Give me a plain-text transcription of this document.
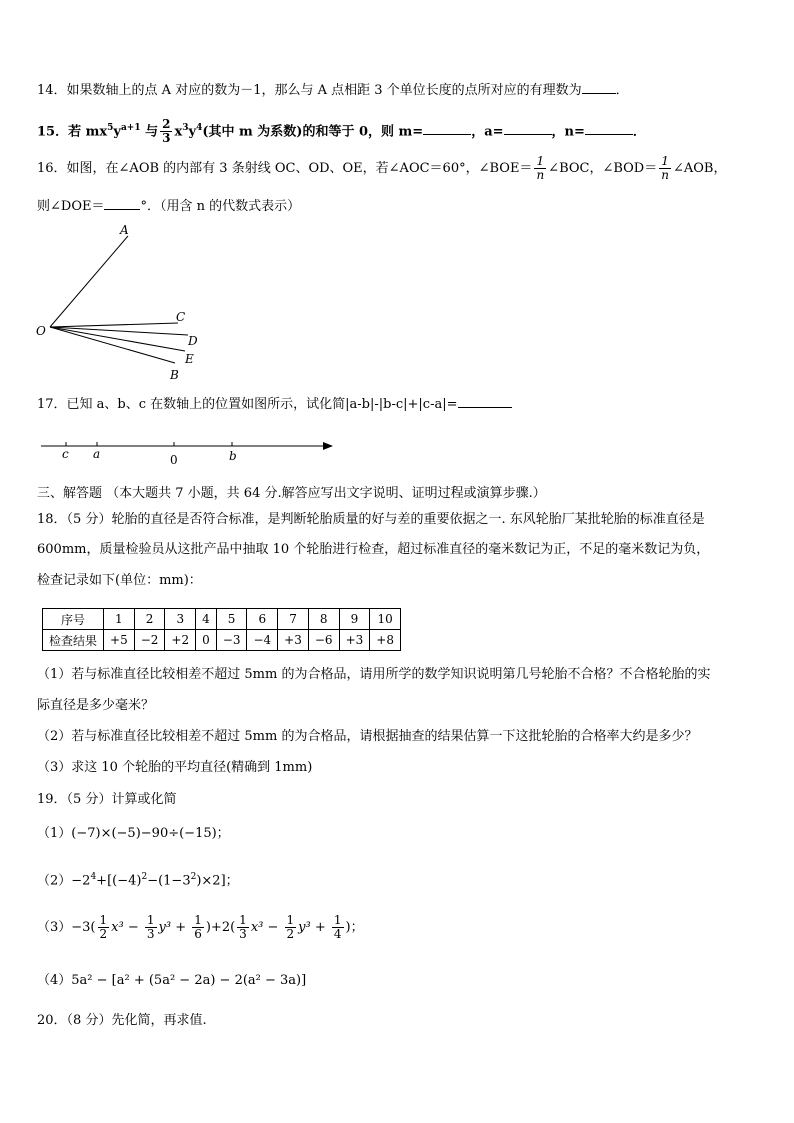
14．如果数轴上的点 A 对应的数为－1，那么与 A 点相距 3 个单位长度的点所对应的有理数为	．
15．若 $mx^5y^{a+1}$ 与 $\frac{2}{3} x^3y^4$(其中 m 为系数)的和等于 0，则 m=	，a=	，n=	．
16．如图，在∠AOB 的内部有 3 条射线 OC、OD、OE，若∠AOC＝60°，∠BOE＝ $\frac{1}{n}$ ∠BOC，∠BOD＝ $\frac{1}{n}$ ∠AOB，
则∠DOE＝	°．（用含 n 的代数式表示）
A
O
C
D
E
B
17．已知 a、b、c 在数轴上的位置如图所示，试化简|a-b|-|b-c|+|c-a|=
c a	0	b
三、解答题 （本大题共 7 小题，共 64 分.解答应写出文字说明、证明过程或演算步骤.）
18．（5 分）轮胎的直径是否符合标准，是判断轮胎质量的好与差的重要依据之一. 东风轮胎厂某批轮胎的标准直径是
600mm，质量检验员从这批产品中抽取 10 个轮胎进行检查，超过标准直径的毫米数记为正，不足的毫米数记为负，
检查记录如下(单位：mm)：
序号	1	2	3	4	5	6	7	8	9	10
检查结果	+5	−2	+2	0	−3	−4	+3	−6	+3	+8
（1）若与标准直径比较相差不超过 5mm 的为合格品，请用所学的数学知识说明第几号轮胎不合格？不合格轮胎的实
际直径是多少毫米？
（2）若与标准直径比较相差不超过 5mm 的为合格品，请根据抽查的结果估算一下这批轮胎的合格率大约是多少？
（3）求这 10 个轮胎的平均直径(精确到 1mm)
19．（5 分）计算或化简
（1）(−7)×(−5)−90÷(−15)；
$(2)-2^4+[(-4)^2-(1-3^2)\times 2]$；
$(3)-3( \frac{1}{2} x^3 - \frac{1}{3} y^3 + \frac{1}{6} )+2( \frac{1}{3} x^3 - \frac{1}{2} y^3 + \frac{1}{4}$ )；
（4）5a² − [a² + (5a² − 2a) − 2(a² − 3a)]
20．（8 分）先化简，再求值.
